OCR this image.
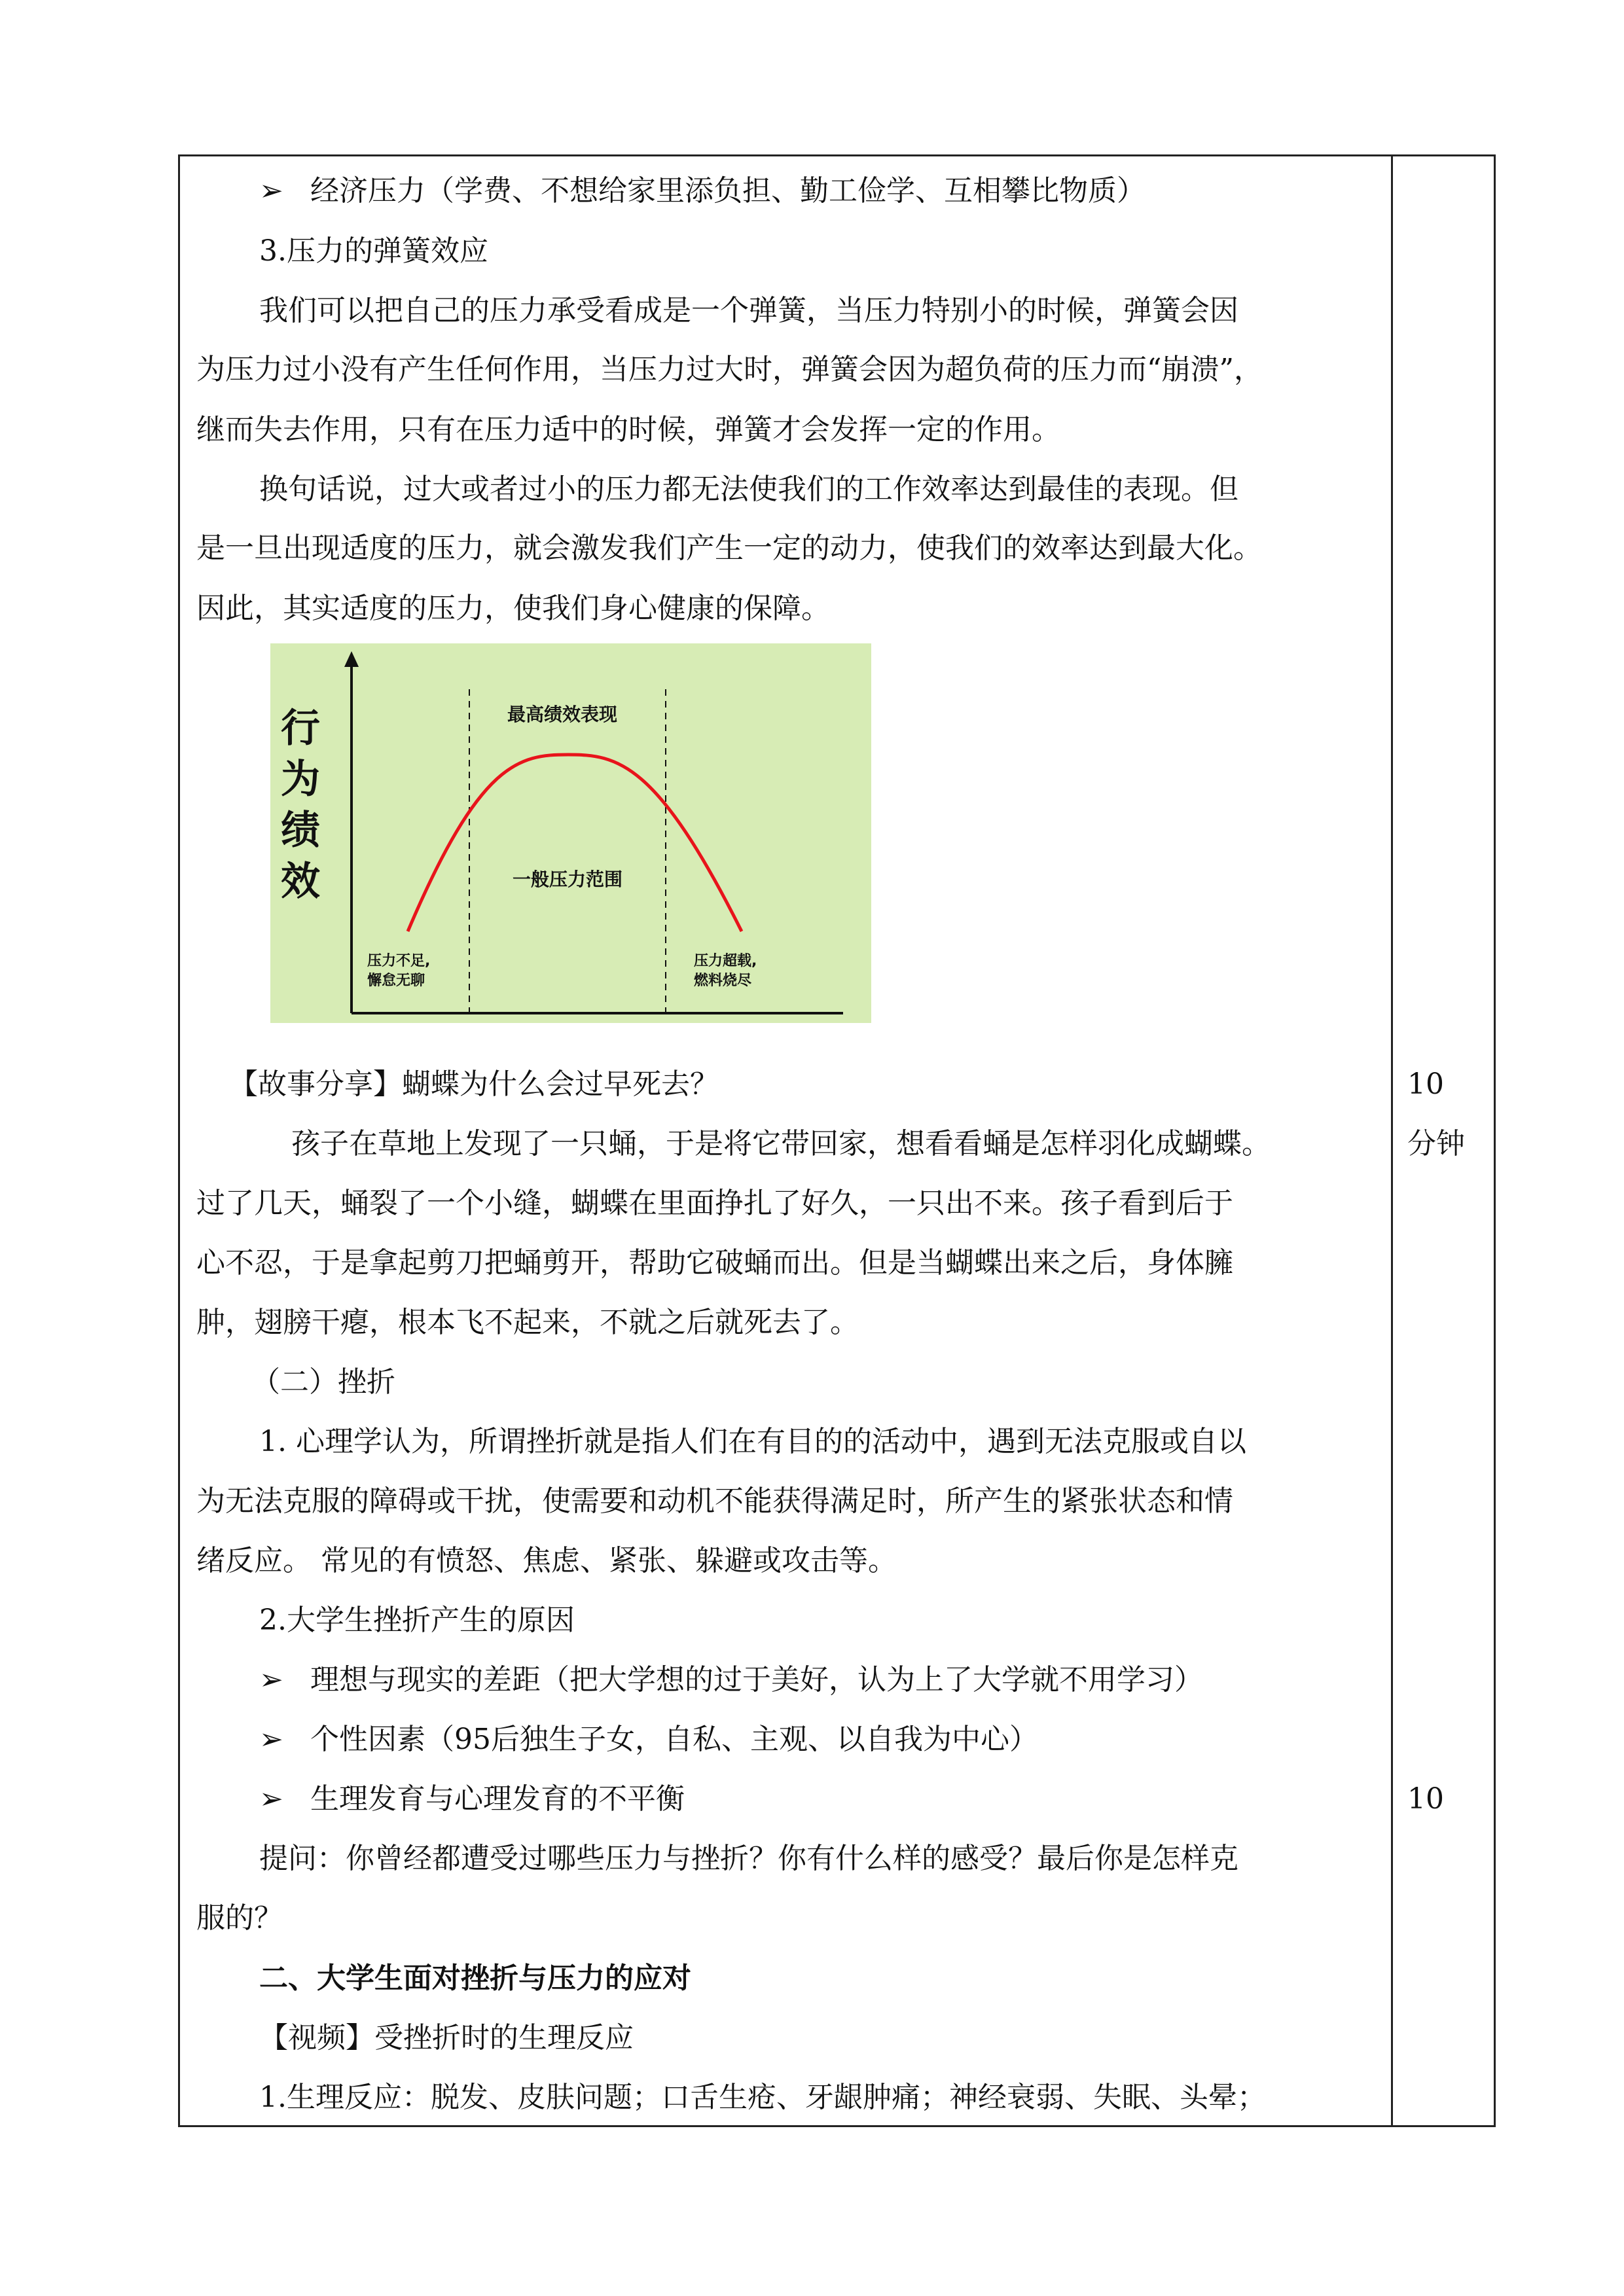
➢ 经济压力（学费、不想给家里添负担、勤工俭学、互相攀比物质）
3.压力的弹簧效应
我们可以把自己的压力承受看成是一个弹簧，当压力特别小的时候，弹簧会因
为压力过小没有产生任何作用，当压力过大时，弹簧会因为超负荷的压力而“崩溃”，
继而失去作用，只有在压力适中的时候，弹簧才会发挥一定的作用。
换句话说，过大或者过小的压力都无法使我们的工作效率达到最佳的表现。但
是一旦出现适度的压力，就会激发我们产生一定的动力，使我们的效率达到最大化。
因此，其实适度的压力，使我们身心健康的保障。
行
为
绩
效
最高绩效表现
一般压力范围
压力不足,
懈怠无聊
压力超载,
燃料烧尽
【故事分享】蝴蝶为什么会过早死去？
孩子在草地上发现了一只蛹，于是将它带回家，想看看蛹是怎样羽化成蝴蝶。
过了几天，蛹裂了一个小缝，蝴蝶在里面挣扎了好久，一只出不来。孩子看到后于
心不忍，于是拿起剪刀把蛹剪开，帮助它破蛹而出。但是当蝴蝶出来之后，身体臃
肿，翅膀干瘪，根本飞不起来，不就之后就死去了。
（二）挫折
1. 心理学认为，所谓挫折就是指人们在有目的的活动中，遇到无法克服或自以
为无法克服的障碍或干扰，使需要和动机不能获得满足时，所产生的紧张状态和情
绪反应。 常见的有愤怒、焦虑、紧张、躲避或攻击等。
2.大学生挫折产生的原因
➢ 理想与现实的差距（把大学想的过于美好，认为上了大学就不用学习）
➢ 个性因素（95后独生子女，自私、主观、以自我为中心）
➢ 生理发育与心理发育的不平衡
提问：你曾经都遭受过哪些压力与挫折？你有什么样的感受？最后你是怎样克
服的？
二、大学生面对挫折与压力的应对
【视频】受挫折时的生理反应
1.生理反应：脱发、皮肤问题；口舌生疮、牙龈肿痛；神经衰弱、失眠、头晕；
10
分钟
10
